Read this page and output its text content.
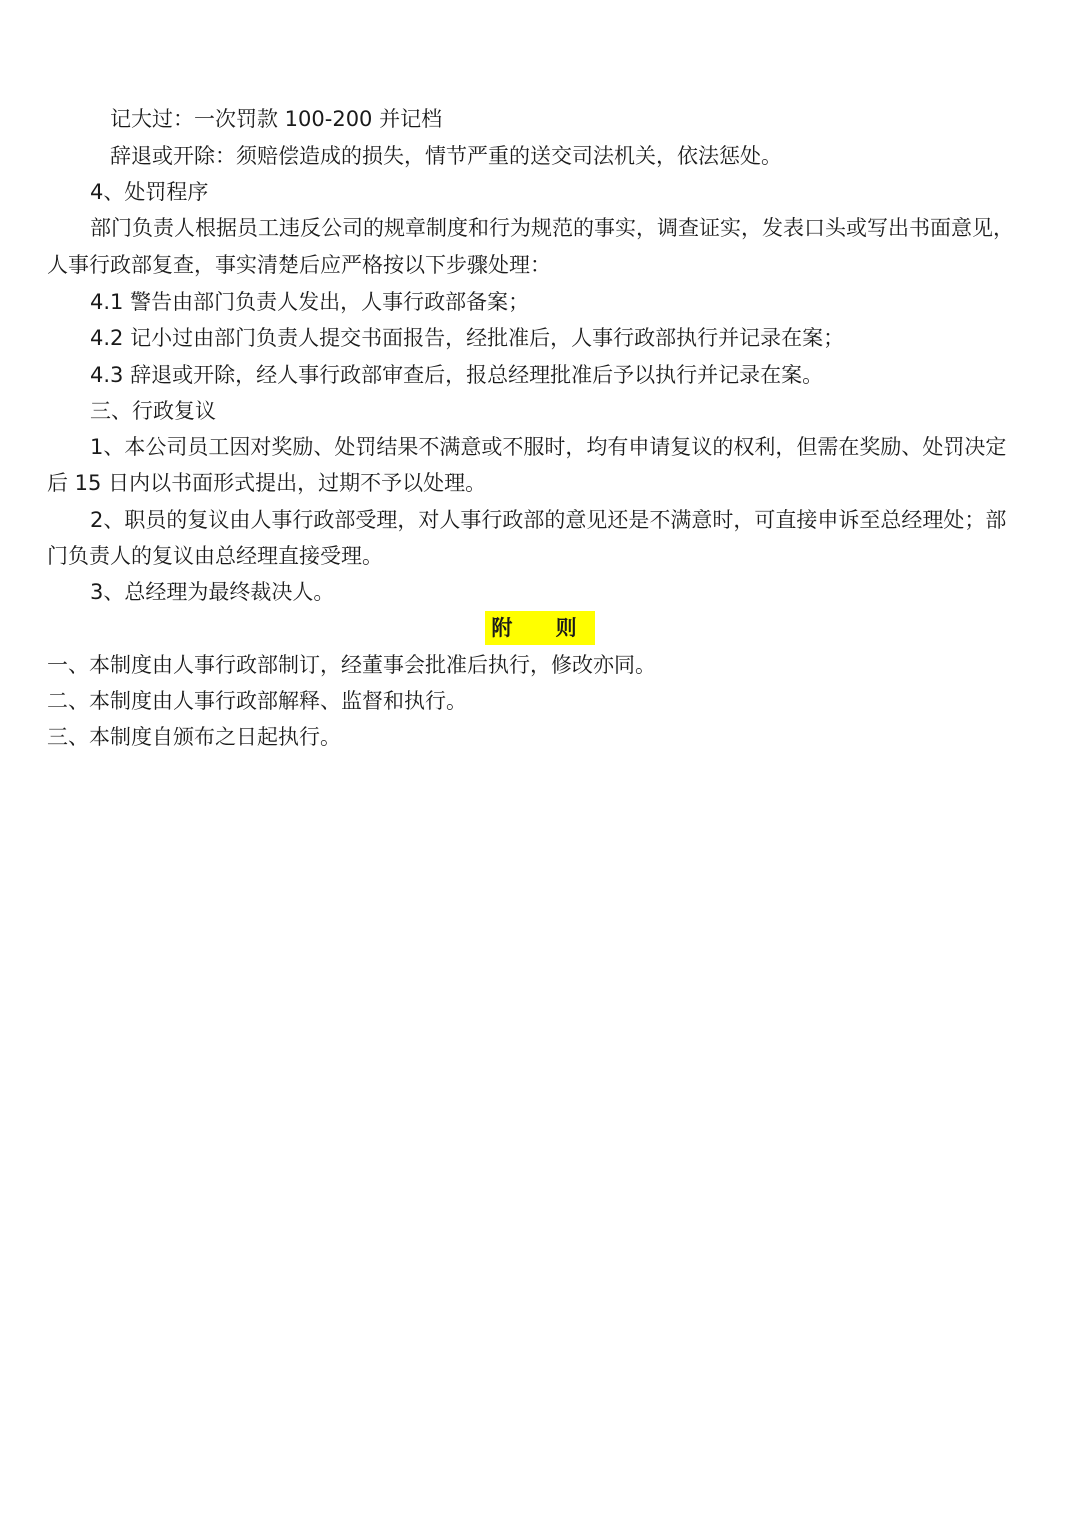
记大过：一次罚款 100-200 并记档
辞退或开除：须赔偿造成的损失，情节严重的送交司法机关，依法惩处。
4、处罚程序
部门负责人根据员工违反公司的规章制度和行为规范的事实，调查证实，发表口头或写出书面意见，
人事行政部复查，事实清楚后应严格按以下步骤处理：
4.1 警告由部门负责人发出，人事行政部备案；
4.2 记小过由部门负责人提交书面报告，经批准后，人事行政部执行并记录在案；
4.3 辞退或开除，经人事行政部审查后，报总经理批准后予以执行并记录在案。
三、行政复议
1、本公司员工因对奖励、处罚结果不满意或不服时，均有申请复议的权利，但需在奖励、处罚决定
后 15 日内以书面形式提出，过期不予以处理。
2、职员的复议由人事行政部受理，对人事行政部的意见还是不满意时，可直接申诉至总经理处；部
门负责人的复议由总经理直接受理。
3、总经理为最终裁决人。
附 则
一、本制度由人事行政部制订，经董事会批准后执行，修改亦同。
二、本制度由人事行政部解释、监督和执行。
三、本制度自颁布之日起执行。
